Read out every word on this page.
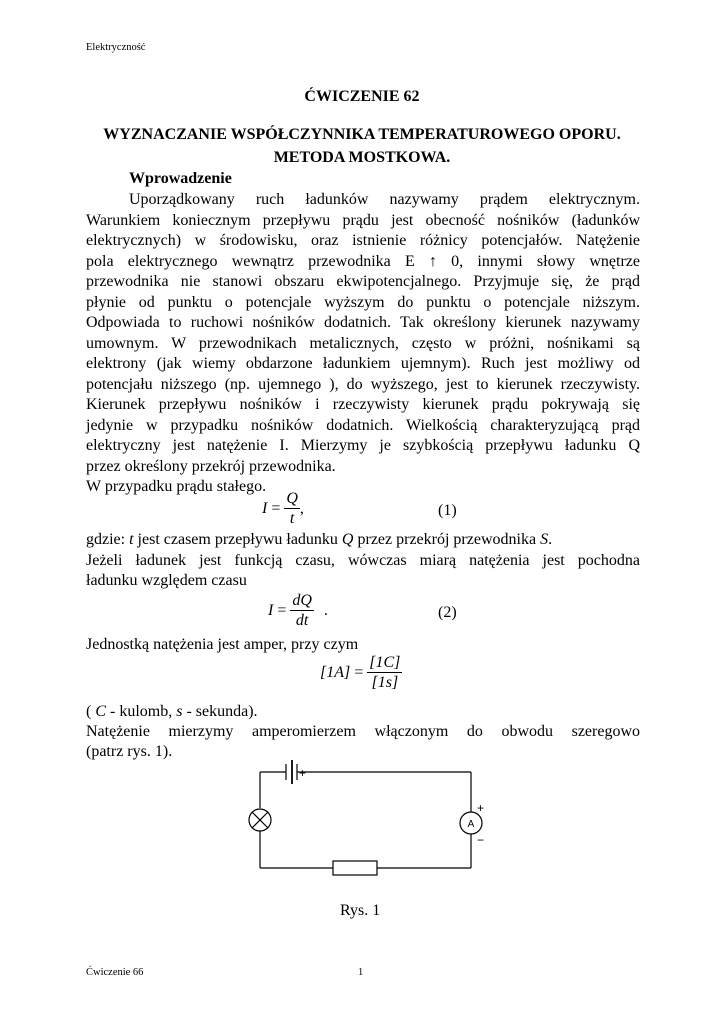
Elektryczność
ĆWICZENIE 62
WYZNACZANIE WSPÓŁCZYNNIKA TEMPERATUROWEGO OPORU.
METODA MOSTKOWA.
Wprowadzenie
Uporządkowany ruch ładunków nazywamy prądem elektrycznym.
Warunkiem koniecznym przepływu prądu jest obecność nośników (ładunków
elektrycznych) w środowisku, oraz istnienie różnicy potencjałów. Natężenie
pola elektrycznego wewnątrz przewodnika E ↑ 0, innymi słowy wnętrze
przewodnika nie stanowi obszaru ekwipotencjalnego. Przyjmuje się, że prąd
płynie od punktu o potencjale wyższym do punktu o potencjale niższym.
Odpowiada to ruchowi nośników dodatnich. Tak określony kierunek nazywamy
umownym. W przewodnikach metalicznych, często w próżni, nośnikami są
elektrony (jak wiemy obdarzone ładunkiem ujemnym). Ruch jest możliwy od
potencjału niższego (np. ujemnego ), do wyższego, jest to kierunek rzeczywisty.
Kierunek przepływu nośników i rzeczywisty kierunek prądu pokrywają się
jedynie w przypadku nośników dodatnich. Wielkością charakteryzującą prąd
elektryczny jest natężenie I. Mierzymy je szybkością przepływu ładunku Q
przez określony przekrój przewodnika.
W przypadku prądu stałego.
$I = \frac{Q}{t}$ ,	(1)
gdzie: t jest czasem przepływu ładunku Q przez przekrój przewodnika S.
Jeżeli ładunek jest funkcją czasu, wówczas miarą natężenia jest pochodna
ładunku względem czasu
$I = \frac{dQ}{dt}$ .	(2)
Jednostką natężenia jest amper, przy czym
$[1A] = \frac{[1C]}{[1s]}$
( C - kulomb, s - sekunda).
Natężenie mierzymy amperomierzem włączonym do obwodu szeregowo
(patrz rys. 1).
A
+
−
+
Rys. 1
Ćwiczenie 66	1
